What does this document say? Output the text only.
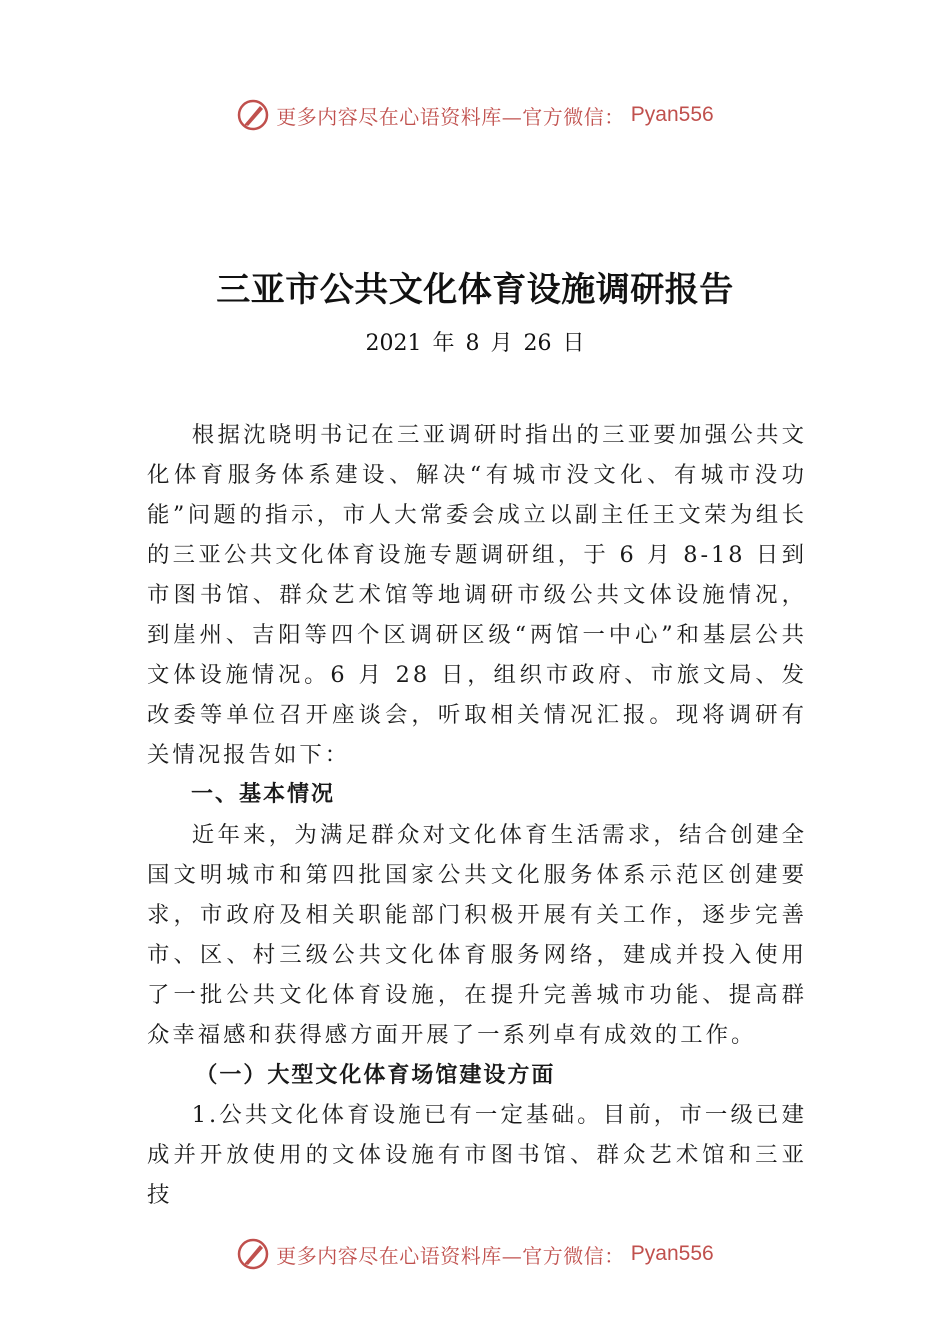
更多内容尽在心语资料库—官方微信： Pyan556
三亚市公共文化体育设施调研报告
2021 年 8 月 26 日

根据沈晓明书记在三亚调研时指出的三亚要加强公共文化体育服务体系建设、解决“有城市没文化、有城市没功能”问题的指示，市人大常委会成立以副主任王文荣为组长的三亚公共文化体育设施专题调研组，于 6 月 8-18 日到市图书馆、群众艺术馆等地调研市级公共文体设施情况，到崖州、吉阳等四个区调研区级“两馆一中心”和基层公共文体设施情况。6 月 28 日，组织市政府、市旅文局、发改委等单位召开座谈会，听取相关情况汇报。现将调研有关情况报告如下：

一、基本情况

近年来，为满足群众对文化体育生活需求，结合创建全国文明城市和第四批国家公共文化服务体系示范区创建要求，市政府及相关职能部门积极开展有关工作，逐步完善市、区、村三级公共文化体育服务网络，建成并投入使用了一批公共文化体育设施，在提升完善城市功能、提高群众幸福感和获得感方面开展了一系列卓有成效的工作。

（一）大型文化体育场馆建设方面

1.公共文化体育设施已有一定基础。目前，市一级已建成并开放使用的文体设施有市图书馆、群众艺术馆和三亚技

更多内容尽在心语资料库—官方微信： Pyan556
